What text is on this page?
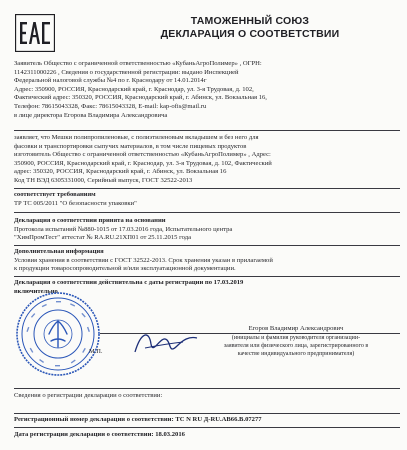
ТАМОЖЕННЫЙ СОЮЗ
ДЕКЛАРАЦИЯ О СООТВЕТСТВИИ
Заявитель Общество с ограниченной ответственностью «КубаньАгроПолимер» , ОГРН:
1142311000226 , Сведения о государственной регистрации: выдано Инспекцией
Федеральной налоговой службы №4 по г. Краснодару от 14.01.2014г
Адрес: 350900, РОССИЯ, Краснодарский край, г. Краснодар, ул. 3-я Трудовая, д. 102,
Фактический адрес: 350320, РОССИЯ, Краснодарский край, г. Абинск, ул. Вокзальная 16,
Телефон: 78615043328, Факс: 78615043328, E-mail: kap-ofis@mail.ru
в лице директора Егорова Владимира Александровича
заявляет, что Мешки полипропиленовые, с полиэтиленовым вкладышем и без него для
фасовки и транспортировки сыпучих материалов, в том числе пищевых продуктов
изготовитель Общество с ограниченной ответственностью «КубаньАгроПолимер» , Адрес:
350900, РОССИЯ, Краснодарский край, г. Краснодар, ул. 3-я Трудовая, д. 102, Фактический
адрес: 350320, РОССИЯ, Краснодарский край, г. Абинск, ул. Вокзальная 16
Код ТН ВЭД 6305331000, Серийный выпуск, ГОСТ 32522-2013
соответствует требованиям
ТР ТС 005/2011 "О безопасности упаковки"
Декларация о соответствии принята на основании
Протокола испытаний №880-1015 от 17.03.2016 года, Испытательного центра
"ХимПромТест" аттестат № RA.RU.21ХП01 от 25.11.2015 года
Дополнительная информация
Условия хранения в соответствии с ГОСТ 32522-2013. Срок хранения указан в прилагаемой
к продукции товаросопроводительной и/или эксплуатационной документации.
Декларация о соответствии действительна с даты регистрации по 17.03.2019
включительно
М.П.
Егоров Владимир Александрович
(инициалы и фамилия руководителя организации-
заявителя или физического лица, зарегистрированного в
качестве индивидуального предпринимателя)
Сведения о регистрации декларации о соответствии:
Регистрационный номер декларации о соответствии: ТС N RU Д-RU.АВ66.В.07277
Дата регистрации декларации о соответствии: 18.03.2016
